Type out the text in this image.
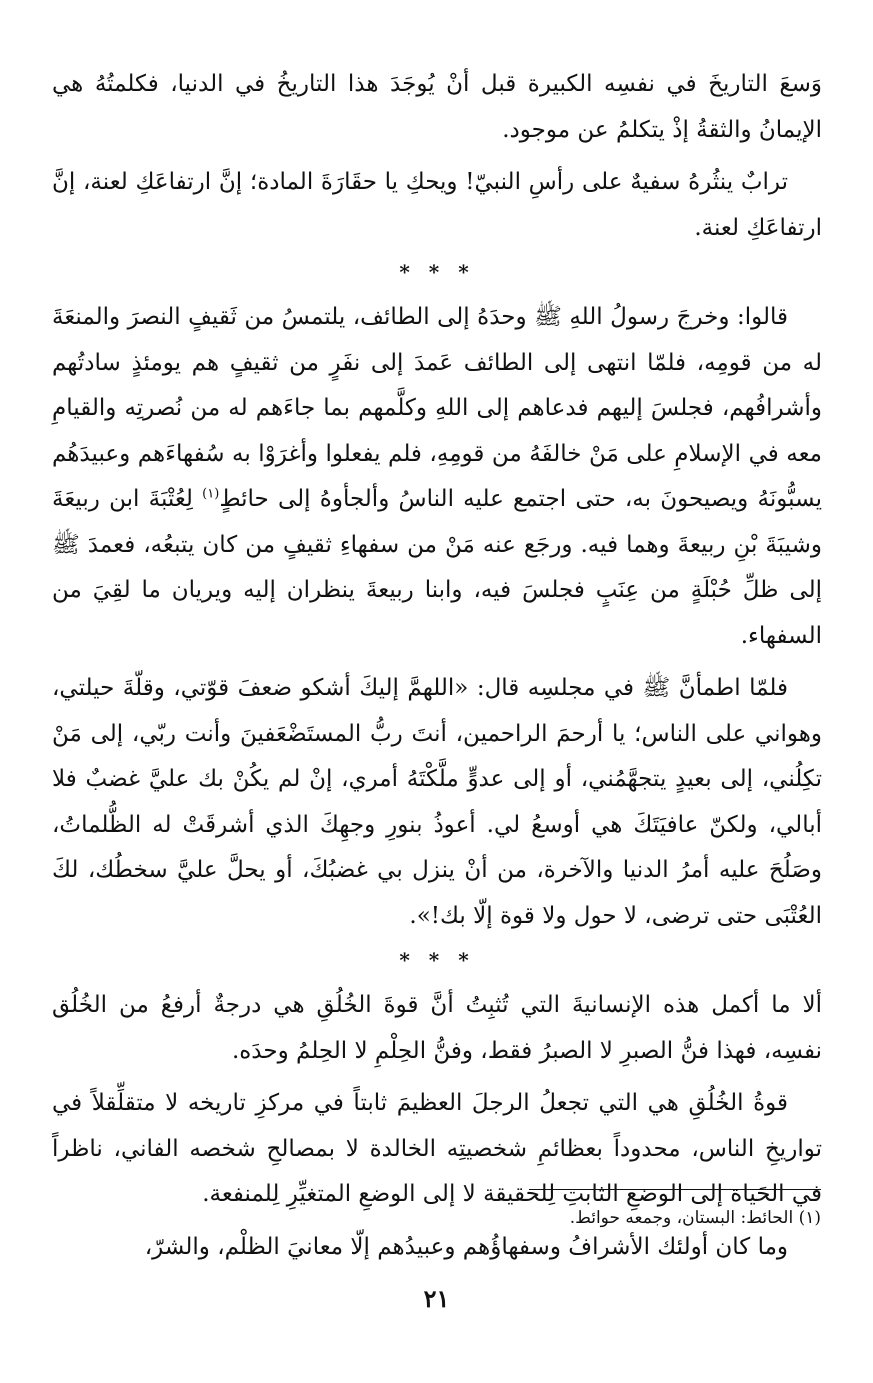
وَسعَ التاريخَ في نفسِه الكبيرة قبل أنْ يُوجَدَ هذا التاريخُ في الدنيا، فكلمتُهُ هي الإيمانُ والثقةُ إذْ يتكلمُ عن موجود.

ترابٌ ينثُرهُ سفيهٌ على رأسِ النبيّ! ويحكِ يا حقَارَةَ المادة؛ إنَّ ارتفاعَكِ لعنة، إنَّ ارتفاعَكِ لعنة.

* * *

قالوا: وخرجَ رسولُ اللهِ ﷺ وحدَهُ إلى الطائف، يلتمسُ من ثَقيفٍ النصرَ والمنعَةَ له من قومِه، فلمّا انتهى إلى الطائف عَمدَ إلى نفَرٍ من ثقيفٍ هم يومئذٍ سادتُهم وأشرافُهم، فجلسَ إليهم فدعاهم إلى اللهِ وكلَّمهم بما جاءَهم له من نُصرتِه والقيامِ معه في الإسلامِ على مَنْ خالفَهُ من قومِهِ، فلم يفعلوا وأغرَوْا به سُفهاءَهم وعبيدَهُم يسبُّونَهُ ويصيحونَ به، حتى اجتمع عليه الناسُ وألجأوهُ إلى حائطٍ$^{(١)}$ لِعُتْبَةَ ابن ربيعَةَ وشيبَةَ بْنِ ربيعةَ وهما فيه. ورجَع عنه مَنْ من سفهاءِ ثقيفٍ من كان يتبعُه، فعمدَ ﷺ إلى ظلِّ حُبْلَةٍ من عِنَبٍ فجلسَ فيه، وابنا ربيعةَ ينظران إليه ويريان ما لقِيَ من السفهاء.

فلمّا اطمأنَّ ﷺ في مجلسِه قال: «اللهمَّ إليكَ أشكو ضعفَ قوّتي، وقلّةَ حيلتي، وهواني على الناس؛ يا أرحمَ الراحمين، أنتَ ربُّ المستَضْعَفينَ وأنت ربّي، إلى مَنْ تكِلُني، إلى بعيدٍ يتجهَّمُني، أو إلى عدوٍّ ملَّكْتَهُ أمري، إنْ لم يكُنْ بك عليَّ غضبٌ فلا أبالي، ولكنّ عافيَتَكَ هي أوسعُ لي. أعوذُ بنورِ وجهِكَ الذي أشرقَتْ له الظُّلماتُ، وصَلُحَ عليه أمرُ الدنيا والآخرة، من أنْ ينزل بي غضبُكَ، أو يحلَّ عليَّ سخطُك، لكَ العُتْبَى حتى ترضى، لا حول ولا قوة إلّا بك!».

* * *

ألا ما أكمل هذه الإنسانيةَ التي تُثبِتُ أنَّ قوةَ الخُلُقِ هي درجةٌ أرفعُ من الخُلُق نفسِه، فهذا فنُّ الصبرِ لا الصبرُ فقط، وفنُّ الحِلْمِ لا الحِلمُ وحدَه.

قوةُ الخُلُقِ هي التي تجعلُ الرجلَ العظيمَ ثابتاً في مركزِ تاريخه لا متقلِّقلاً في تواريخِ الناس، محدوداً بعظائمِ شخصيتِه الخالدة لا بمصالحِ شخصه الفاني، ناظراً في الحَياة إلى الوضعِ الثابتِ لِلحقيقة لا إلى الوضعِ المتغيِّرِ لِلمنفعة.

وما كان أولئك الأشرافُ وسفهاؤُهم وعبيدُهم إلّا معانيَ الظلْم، والشرّ،

(١) الحائط: البستان، وجمعه حوائط.
٢١
